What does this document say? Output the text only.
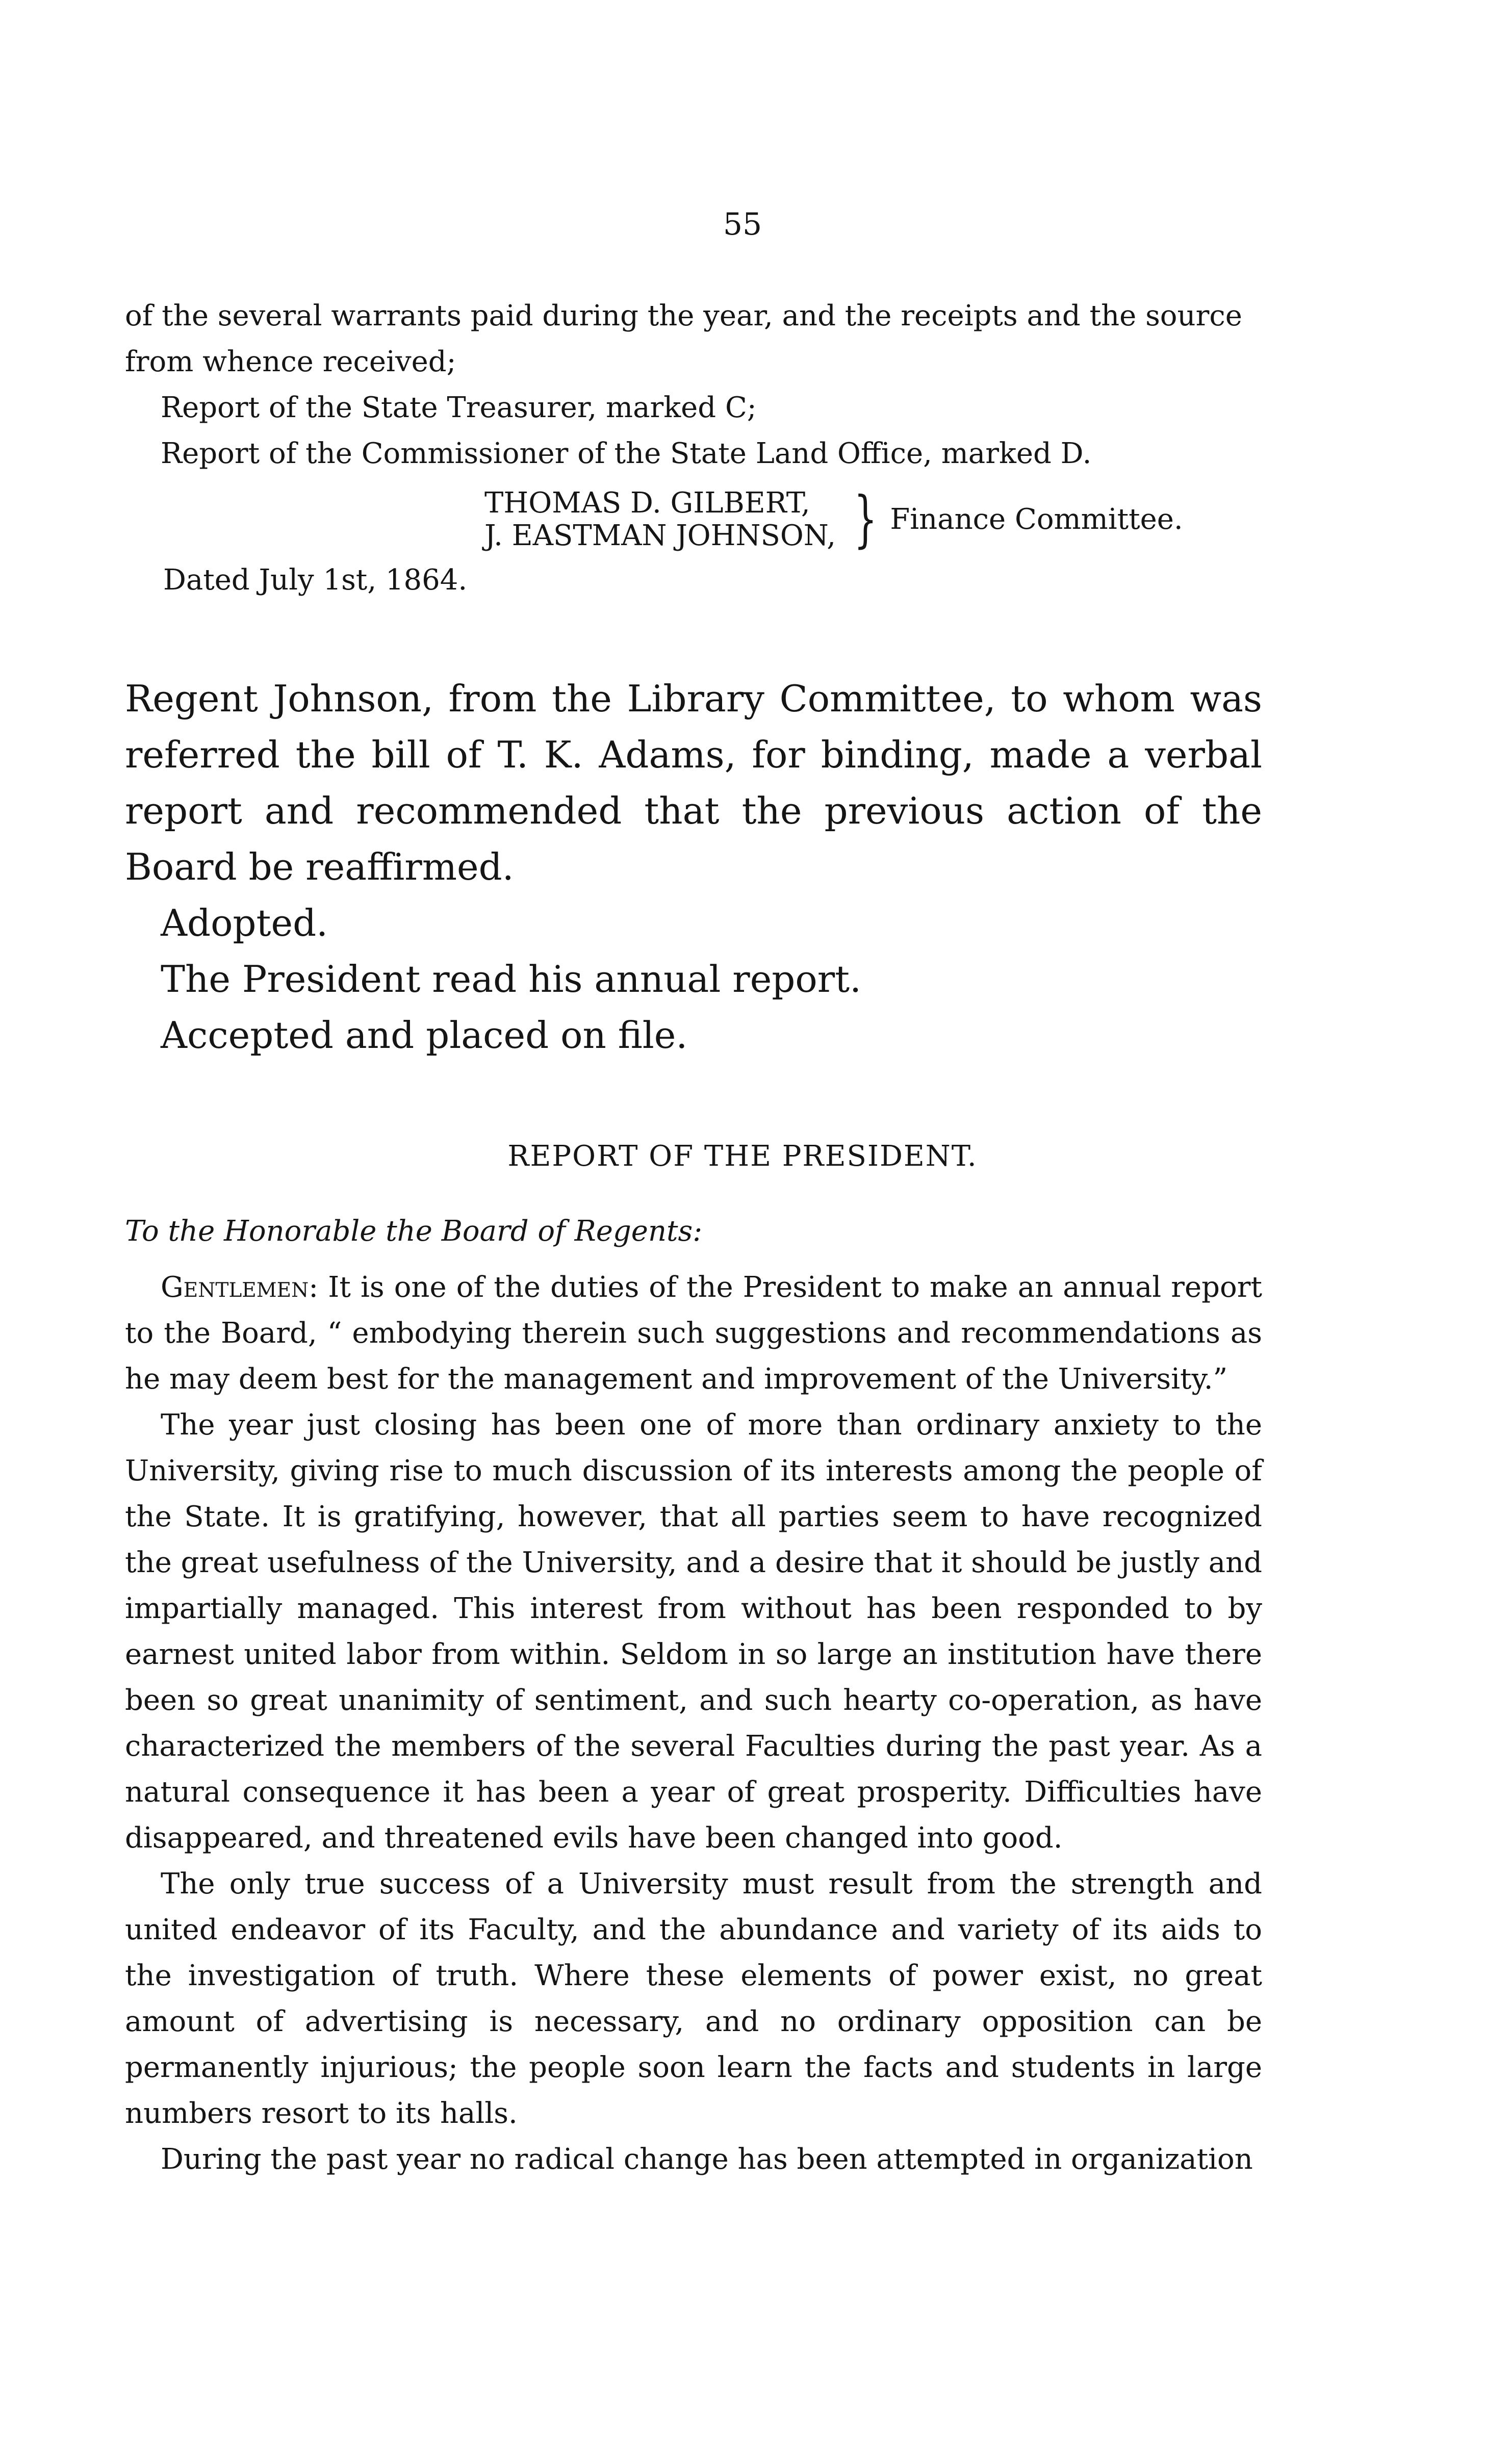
55

of the several warrants paid during the year, and the receipts and the source

from whence received;

Report of the State Treasurer, marked C;

Report of the Commissioner of the State Land Office, marked D.

THOMAS D. GILBERT,
J. EASTMAN JOHNSON, } Finance Committee.
Dated July 1st, 1864.

Regent Johnson, from the Library Committee, to whom was referred the bill of T. K. Adams, for binding, made a verbal report and recommended that the previous action of the Board be reaffirmed.

Adopted.

The President read his annual report.

Accepted and placed on file.

REPORT OF THE PRESIDENT.
To the Honorable the Board of Regents:

Gentlemen: It is one of the duties of the President to make an annual report to the Board, “ embodying therein such suggestions and recommendations as he may deem best for the management and improvement of the University.”

The year just closing has been one of more than ordinary anxiety to the University, giving rise to much discussion of its interests among the people of the State. It is gratifying, however, that all parties seem to have recognized the great usefulness of the University, and a desire that it should be justly and impartially managed. This interest from without has been responded to by earnest united labor from within. Seldom in so large an institution have there been so great unanimity of sentiment, and such hearty co-operation, as have characterized the members of the several Faculties during the past year. As a natural consequence it has been a year of great prosperity. Difficulties have disappeared, and threatened evils have been changed into good.

The only true success of a University must result from the strength and united endeavor of its Faculty, and the abundance and variety of its aids to the investigation of truth. Where these elements of power exist, no great amount of advertising is necessary, and no ordinary opposition can be permanently injurious; the people soon learn the facts and students in large numbers resort to its halls.

During the past year no radical change has been attempted in organization
